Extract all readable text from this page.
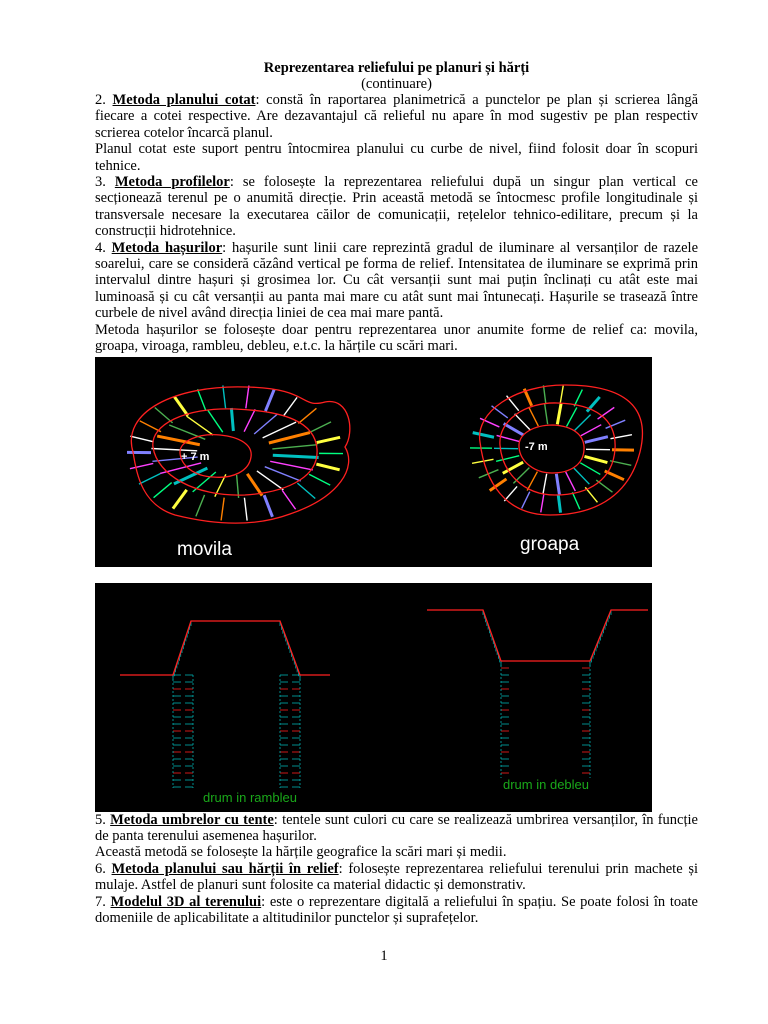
Reprezentarea reliefului pe planuri și hărți
(continuare)

2. Metoda planului cotat: constă în raportarea planimetrică a punctelor pe plan și scrierea lângă fiecare a cotei respective. Are dezavantajul că relieful nu apare în mod sugestiv pe plan respectiv scrierea cotelor încarcă planul.

Planul cotat este suport pentru întocmirea planului cu curbe de nivel, fiind folosit doar în scopuri tehnice.

3. Metoda profilelor: se folosește la reprezentarea reliefului după un singur plan vertical ce secționează terenul pe o anumită direcție. Prin această metodă se întocmesc profile longitudinale și transversale necesare la executarea căilor de comunicații, rețelelor tehnico-edilitare, precum și la construcții hidrotehnice.

4. Metoda hașurilor: hașurile sunt linii care reprezintă gradul de iluminare al versanților de razele soarelui, care se consideră căzând vertical pe forma de relief. Intensitatea de iluminare se exprimă prin intervalul dintre hașuri și grosimea lor. Cu cât versanții sunt mai puțin înclinați cu atât este mai luminoasă și cu cât versanții au panta mai mare cu atât sunt mai întunecați. Hașurile se trasează între curbele de nivel având direcția liniei de cea mai mare pantă.

Metoda hașurilor se folosește doar pentru reprezentarea unor anumite forme de relief ca: movila, groapa, viroaga, rambleu, debleu, e.t.c. la hărțile cu scări mari.

+ 7 m
movila
-7 m
groapa
drum in rambleu
drum in debleu

5. Metoda umbrelor cu tente: tentele sunt culori cu care se realizează umbrirea versanților, în funcție de panta terenului asemenea hașurilor.

Această metodă se folosește la hărțile geografice la scări mari și medii.

6. Metoda planului sau hărții în relief: folosește reprezentarea reliefului terenului prin machete și mulaje. Astfel de planuri sunt folosite ca material didactic și demonstrativ.

7. Modelul 3D al terenului: este o reprezentare digitală a reliefului în spațiu. Se poate folosi în toate domeniile de aplicabilitate a altitudinilor punctelor și suprafețelor.

1
